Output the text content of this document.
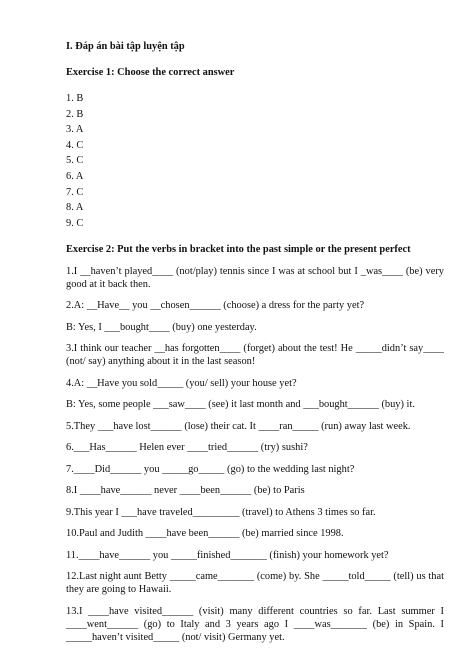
I. Đáp án bài tập luyện tập
Exercise 1: Choose the correct answer
1. B
2. B
3. A
4. C
5. C
6. A
7. C
8. A
9. C
Exercise 2: Put the verbs in bracket into the past simple or the present perfect
1.I __haven’t played____ (not/play) tennis since I was at school but I _was____ (be) very good at it back then.
2.A: __Have__ you __chosen______ (choose) a dress for the party yet?
B: Yes, I ___bought____ (buy) one yesterday.
3.I think our teacher __has forgotten____ (forget) about the test! He _____didn’t say____ (not/ say) anything about it in the last season!
4.A: __Have you sold_____ (you/ sell) your house yet?
B: Yes, some people ___saw____ (see) it last month and ___bought______ (buy) it.
5.They ___have lost______ (lose) their cat. It ____ran_____ (run) away last week.
6.___Has______ Helen ever ____tried______ (try) sushi?
7.____Did______ you _____go_____ (go) to the wedding last night?
8.I ____have______ never ____been______ (be) to Paris
9.This year I ___have traveled_________ (travel) to Athens 3 times so far.
10.Paul and Judith ____have been______ (be) married since 1998.
11.____have______ you _____finished_______ (finish) your homework yet?
12.Last night aunt Betty _____came_______ (come) by. She _____told_____ (tell) us that they are going to Hawaii.
13.I ____have visited______ (visit) many different countries so far. Last summer I ____went______ (go) to Italy and 3 years ago I ____was_______ (be) in Spain. I _____haven’t visited_____ (not/ visit) Germany yet.
